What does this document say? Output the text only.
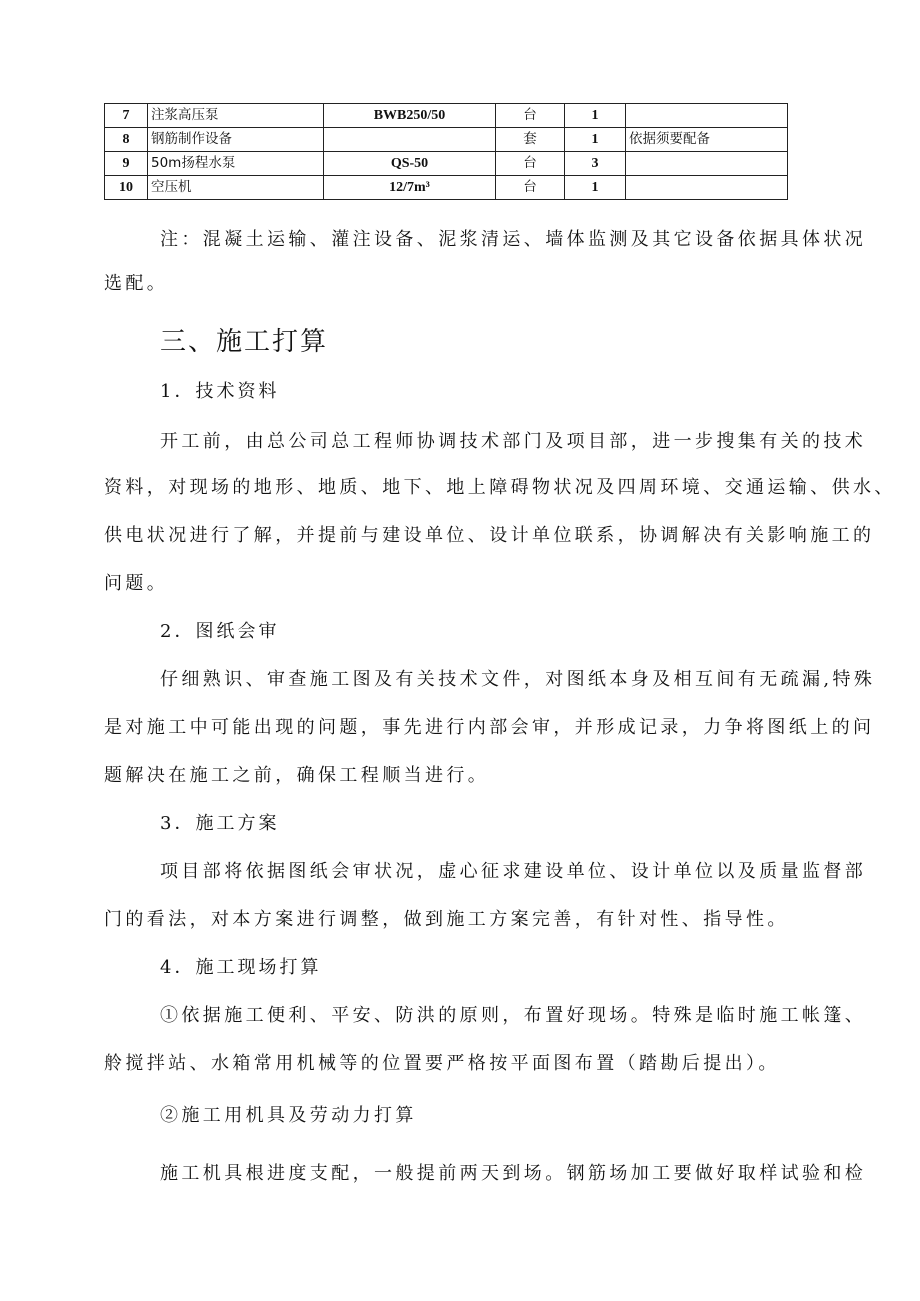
7	注浆高压泵	BWB250/50	台	1	
8	钢筋制作设备		套	1	依据须要配备
9	50m扬程水泵	QS-50	台	3	
10	空压机	12/7m³	台	1	
注：混凝土运输、灌注设备、泥浆清运、墙体监测及其它设备依据具体状况
选配。
三、施工打算
1．技术资料
开工前，由总公司总工程师协调技术部门及项目部，进一步搜集有关的技术
资料，对现场的地形、地质、地下、地上障碍物状况及四周环境、交通运输、供水、
供电状况进行了解，并提前与建设单位、设计单位联系，协调解决有关影响施工的
问题。
2．图纸会审
仔细熟识、审查施工图及有关技术文件，对图纸本身及相互间有无疏漏,特殊
是对施工中可能出现的问题，事先进行内部会审，并形成记录，力争将图纸上的问
题解决在施工之前，确保工程顺当进行。
3．施工方案
项目部将依据图纸会审状况，虚心征求建设单位、设计单位以及质量监督部
门的看法，对本方案进行调整，做到施工方案完善，有针对性、指导性。
4．施工现场打算
①依据施工便利、平安、防洪的原则，布置好现场。特殊是临时施工帐篷、
舲搅拌站、水箱常用机械等的位置要严格按平面图布置（踏勘后提出）。
②施工用机具及劳动力打算
施工机具根进度支配，一般提前两天到场。钢筋场加工要做好取样试验和检
